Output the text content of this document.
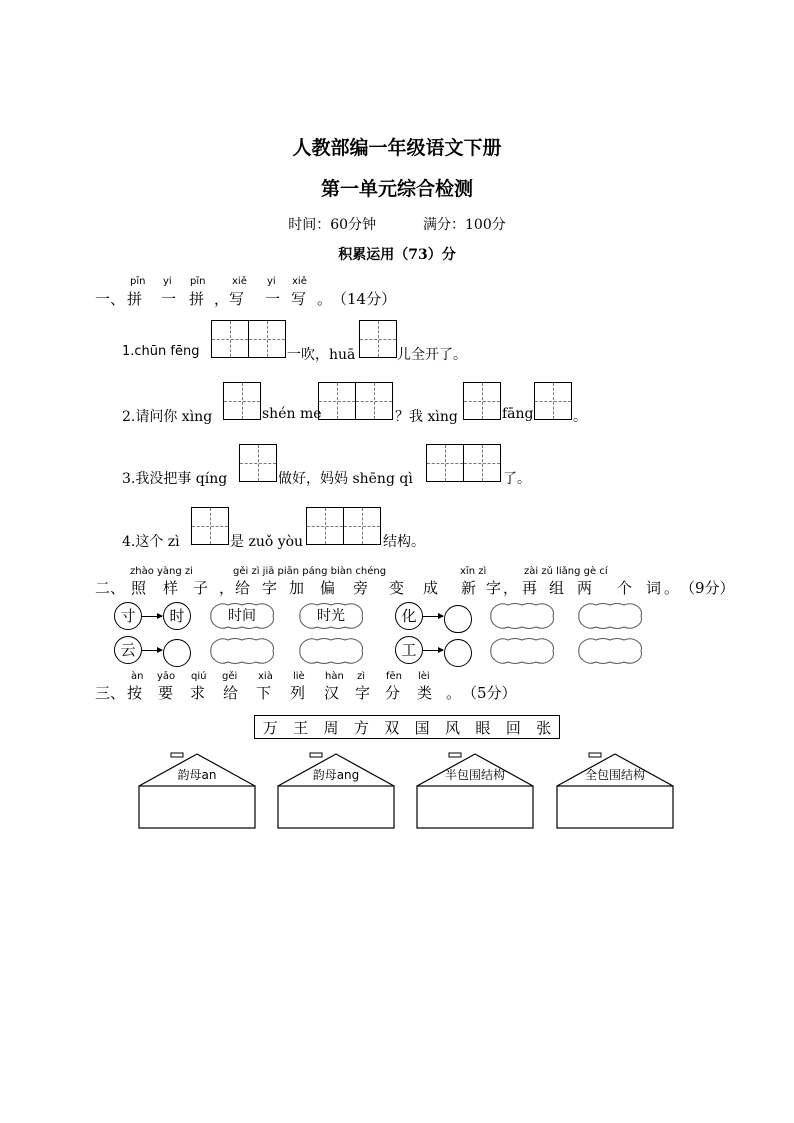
人教部编一年级语文下册
第一单元综合检测
时间：60分钟	满分：100分
积累运用（73）分
pīn yi pīn	xiě yi xiě
一、 拼 一 拼 ， 写 一 写 。 （14分）
1.chūn fēng	一吹，huā	儿全开了。
2.请问你 xìng	shén me	？我 xìng	fāng	。
3.我没把事 qíng	做好，妈妈 shēng qì	了。
4.这个 zì	是 zuǒ yòu	结构。
zhào yàng zi	gěi zì jiā piān páng biàn chéng	xīn zì	zài zǔ liǎng gè cí
二、 照 样 子 ， 给 字 加 偏 旁 变 成 新 字 ， 再 组 两 个 词 。 （9分）
寸	时	时间	时光	化
云	工
àn yāo qiú gěi xià liè hàn zì fēn lèi
三、 按 要 求 给 下 列 汉 字 分 类 。 （5分）
万 王 周 方 双 国 风 眼 回 张
韵母an	韵母ang	半包围结构	全包围结构
